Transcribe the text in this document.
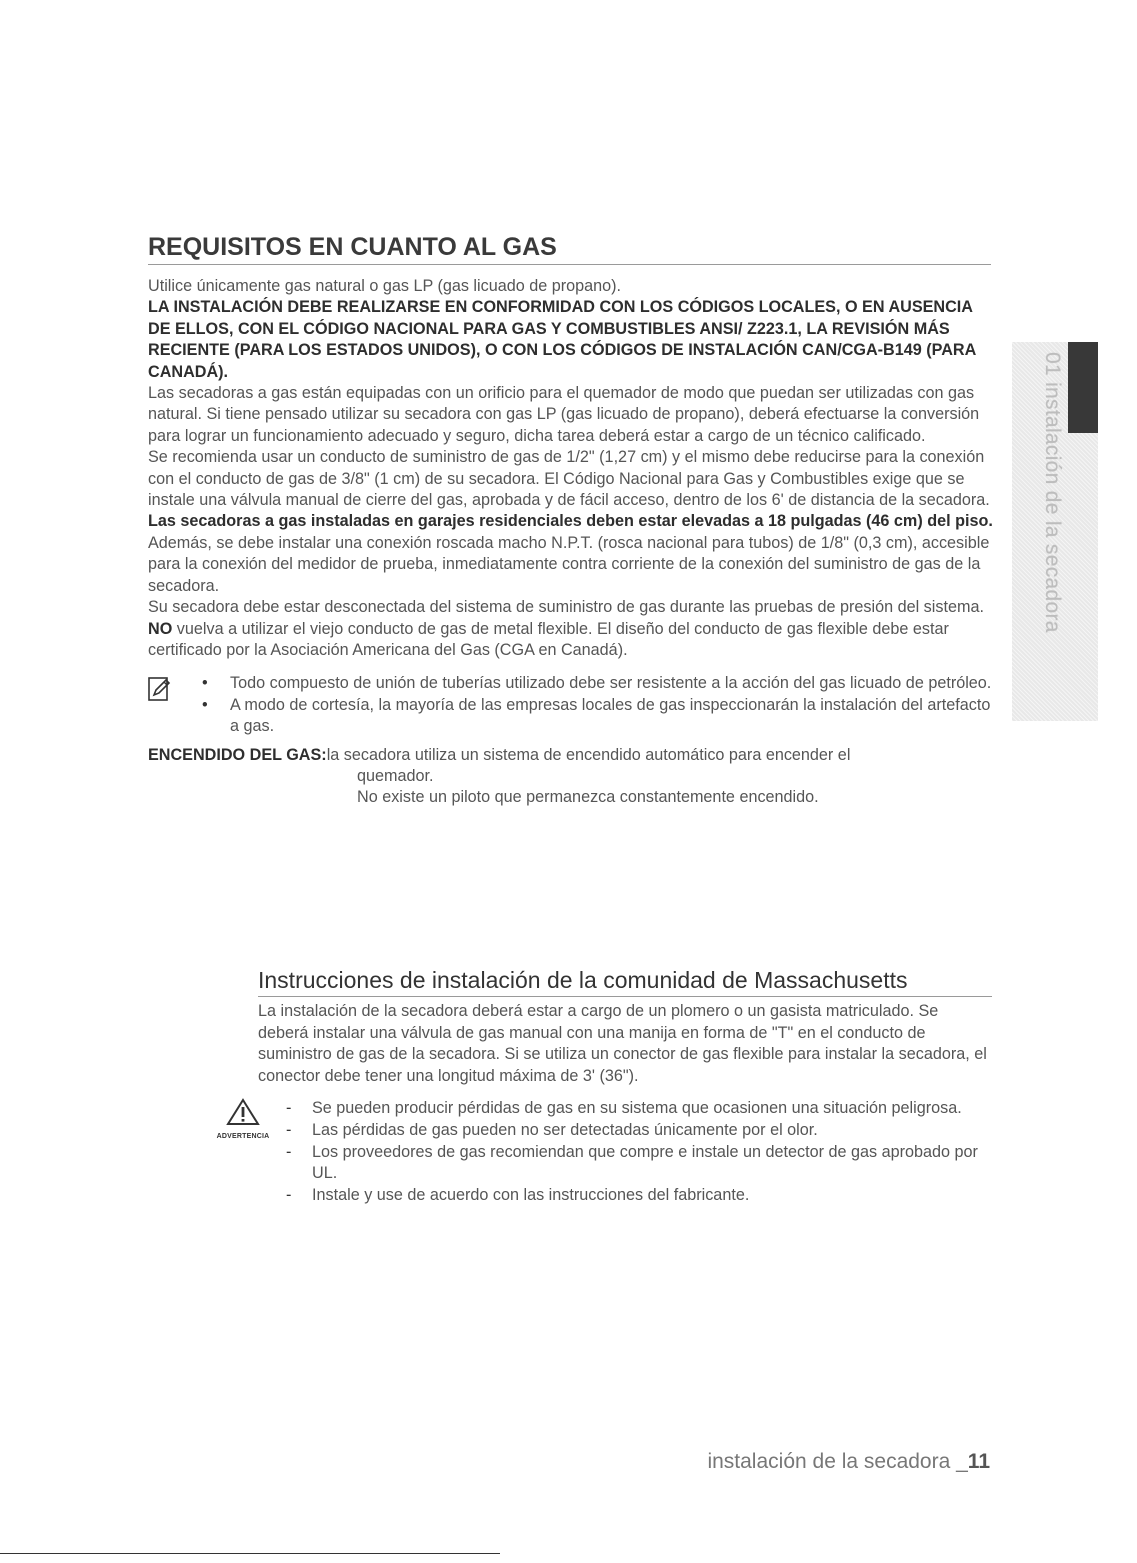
REQUISITOS EN CUANTO AL GAS

Utilice únicamente gas natural o gas LP (gas licuado de propano).

LA INSTALACIÓN DEBE REALIZARSE EN CONFORMIDAD CON LOS CÓDIGOS LOCALES, O EN AUSENCIA DE ELLOS, CON EL CÓDIGO NACIONAL PARA GAS Y COMBUSTIBLES ANSI/ Z223.1, LA REVISIÓN MÁS RECIENTE (PARA LOS ESTADOS UNIDOS), O CON LOS CÓDIGOS DE INSTALACIÓN CAN/CGA-B149 (PARA CANADÁ).

Las secadoras a gas están equipadas con un orificio para el quemador de modo que puedan ser utilizadas con gas natural. Si tiene pensado utilizar su secadora con gas LP (gas licuado de propano), deberá efectuarse la conversión para lograr un funcionamiento adecuado y seguro, dicha tarea deberá estar a cargo de un técnico calificado.

Se recomienda usar un conducto de suministro de gas de 1/2" (1,27 cm) y el mismo debe reducirse para la conexión con el conducto de gas de 3/8" (1 cm) de su secadora. El Código Nacional para Gas y Combustibles exige que se instale una válvula manual de cierre del gas, aprobada y de fácil acceso, dentro de los 6' de distancia de la secadora.

Las secadoras a gas instaladas en garajes residenciales deben estar elevadas a 18 pulgadas (46 cm) del piso.

Además, se debe instalar una conexión roscada macho N.P.T. (rosca nacional para tubos) de 1/8" (0,3 cm), accesible para la conexión del medidor de prueba, inmediatamente contra corriente de la conexión del suministro de gas de la secadora.

Su secadora debe estar desconectada del sistema de suministro de gas durante las pruebas de presión del sistema.

NO vuelva a utilizar el viejo conducto de gas de metal flexible. El diseño del conducto de gas flexible debe estar certificado por la Asociación Americana del Gas (CGA en Canadá).

• Todo compuesto de unión de tuberías utilizado debe ser resistente a la acción del gas licuado de petróleo.
• A modo de cortesía, la mayoría de las empresas locales de gas inspeccionarán la instalación del artefacto a gas.
ENCENDIDO DEL GAS: la secadora utiliza un sistema de encendido automático para encender el
quemador.
No existe un piloto que permanezca constantemente encendido.
Instrucciones de instalación de la comunidad de Massachusetts
La instalación de la secadora deberá estar a cargo de un plomero o un gasista matriculado. Se deberá instalar una válvula de gas manual con una manija en forma de "T" en el conducto de suministro de gas de la secadora. Si se utiliza un conector de gas flexible para instalar la secadora, el conector debe tener una longitud máxima de 3' (36").
ADVERTENCIA
- Se pueden producir pérdidas de gas en su sistema que ocasionen una situación peligrosa.
- Las pérdidas de gas pueden no ser detectadas únicamente por el olor.
- Los proveedores de gas recomiendan que compre e instale un detector de gas aprobado por UL.
- Instale y use de acuerdo con las instrucciones del fabricante.
01 instalación de la secadora
instalación de la secadora _11
